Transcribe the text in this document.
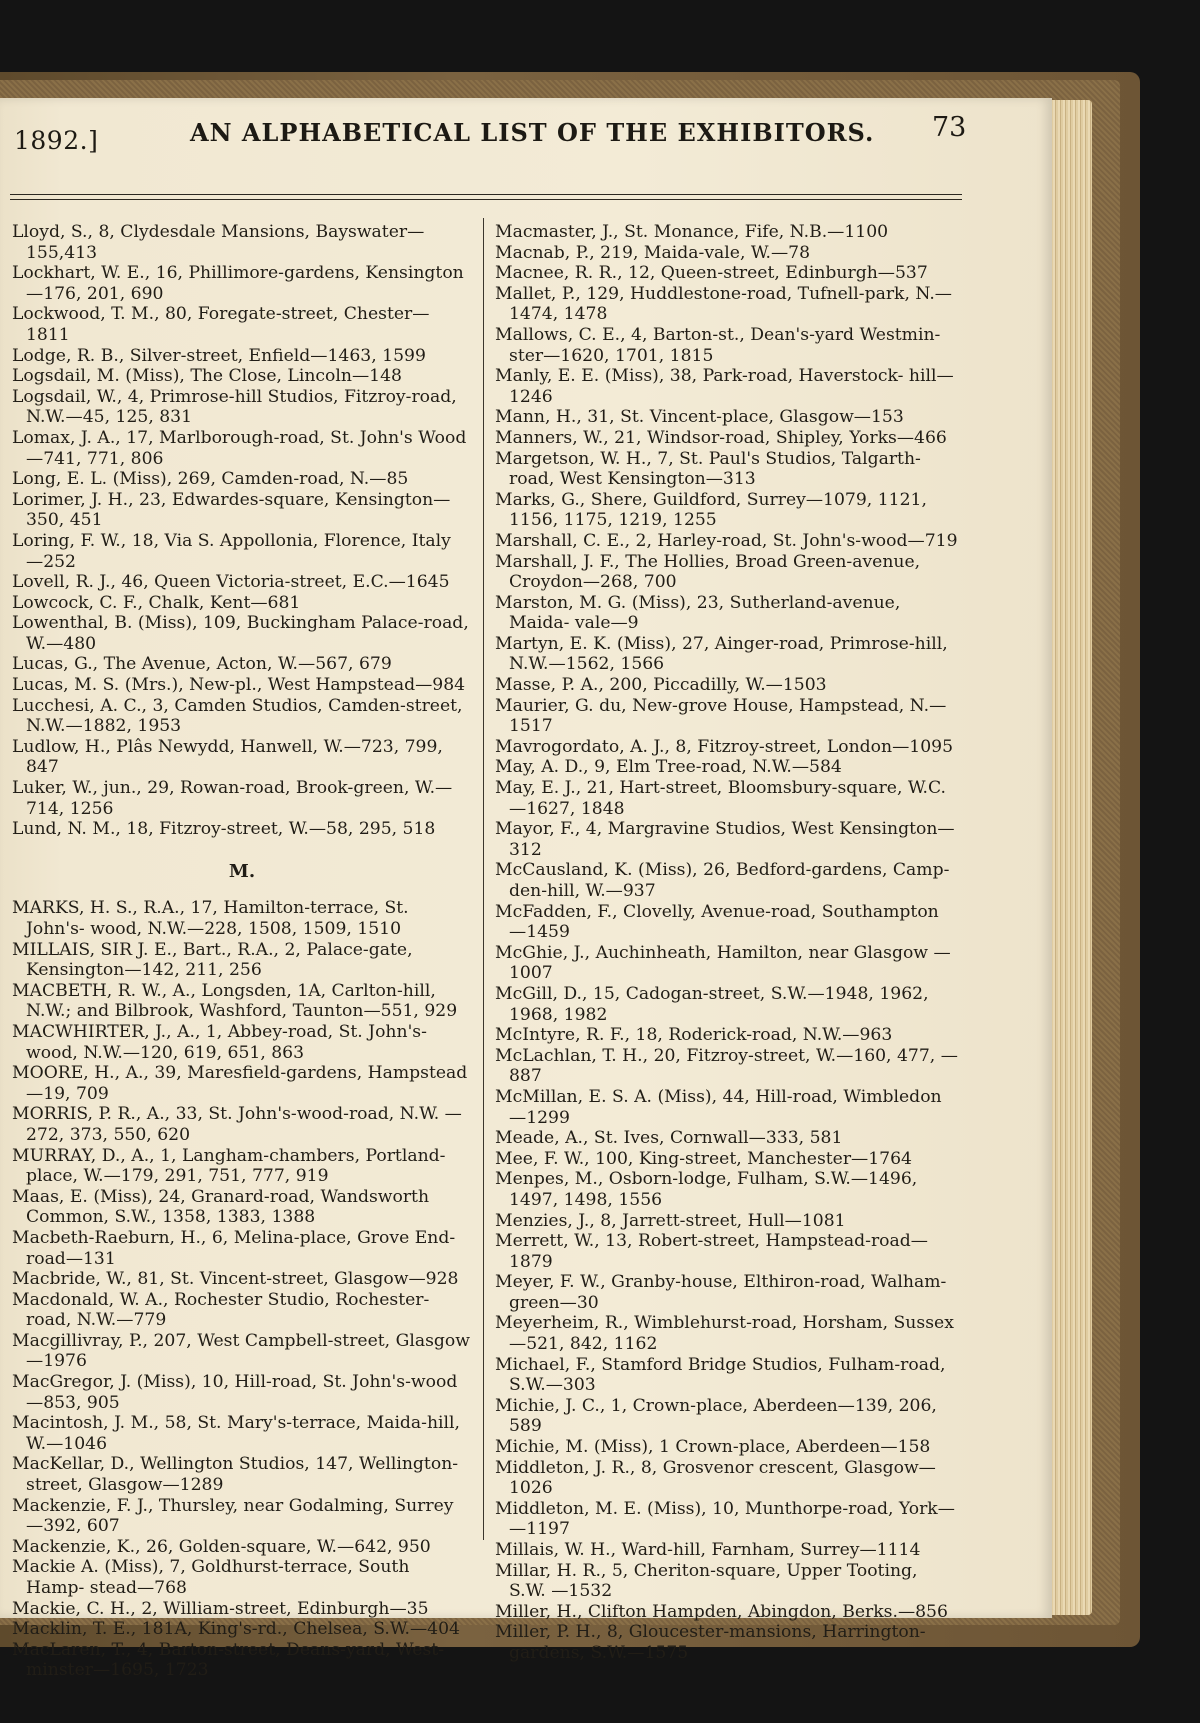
1892.]	AN ALPHABETICAL LIST OF THE EXHIBITORS. 73

Lloyd, S., 8, Clydesdale Mansions, Bayswater—155,413

Lockhart, W. E., 16, Phillimore-gardens, Kensington —176, 201, 690

Lockwood, T. M., 80, Foregate-street, Chester—1811

Lodge, R. B., Silver-street, Enfield—1463, 1599

Logsdail, M. (Miss), The Close, Lincoln—148

Logsdail, W., 4, Primrose-hill Studios, Fitzroy-road, N.W.—45, 125, 831

Lomax, J. A., 17, Marlborough-road, St. John's Wood —741, 771, 806

Long, E. L. (Miss), 269, Camden-road, N.—85

Lorimer, J. H., 23, Edwardes-square, Kensington— 350, 451

Loring, F. W., 18, Via S. Appollonia, Florence, Italy —252

Lovell, R. J., 46, Queen Victoria-street, E.C.—1645

Lowcock, C. F., Chalk, Kent—681

Lowenthal, B. (Miss), 109, Buckingham Palace-road, W.—480

Lucas, G., The Avenue, Acton, W.—567, 679

Lucas, M. S. (Mrs.), New-pl., West Hampstead—984

Lucchesi, A. C., 3, Camden Studios, Camden-street, N.W.—1882, 1953

Ludlow, H., Plâs Newydd, Hanwell, W.—723, 799, 847

Luker, W., jun., 29, Rowan-road, Brook-green, W.— 714, 1256

Lund, N. M., 18, Fitzroy-street, W.—58, 295, 518

M.

MARKS, H. S., R.A., 17, Hamilton-terrace, St. John's- wood, N.W.—228, 1508, 1509, 1510

MILLAIS, SIR J. E., Bart., R.A., 2, Palace-gate, Kensington—142, 211, 256

MACBETH, R. W., A., Longsden, 1A, Carlton-hill, N.W.; and Bilbrook, Washford, Taunton—551, 929

MACWHIRTER, J., A., 1, Abbey-road, St. John's- wood, N.W.—120, 619, 651, 863

MOORE, H., A., 39, Maresfield-gardens, Hampstead —19, 709

MORRIS, P. R., A., 33, St. John's-wood-road, N.W. —272, 373, 550, 620

MURRAY, D., A., 1, Langham-chambers, Portland- place, W.—179, 291, 751, 777, 919

Maas, E. (Miss), 24, Granard-road, Wandsworth Common, S.W., 1358, 1383, 1388

Macbeth-Raeburn, H., 6, Melina-place, Grove End- road—131

Macbride, W., 81, St. Vincent-street, Glasgow—928

Macdonald, W. A., Rochester Studio, Rochester-road, N.W.—779

Macgillivray, P., 207, West Campbell-street, Glasgow —1976

MacGregor, J. (Miss), 10, Hill-road, St. John's-wood —853, 905

Macintosh, J. M., 58, St. Mary's-terrace, Maida-hill, W.—1046

MacKellar, D., Wellington Studios, 147, Wellington- street, Glasgow—1289

Mackenzie, F. J., Thursley, near Godalming, Surrey —392, 607

Mackenzie, K., 26, Golden-square, W.—642, 950

Mackie A. (Miss), 7, Goldhurst-terrace, South Hamp- stead—768

Mackie, C. H., 2, William-street, Edinburgh—35

Macklin, T. E., 181A, King's-rd., Chelsea, S.W.—404

MacLaren, T., 4, Barton-street, Deans-yard, West- minster—1695, 1723

Macmaster, J., St. Monance, Fife, N.B.—1100

Macnab, P., 219, Maida-vale, W.—78

Macnee, R. R., 12, Queen-street, Edinburgh—537

Mallet, P., 129, Huddlestone-road, Tufnell-park, N.— 1474, 1478

Mallows, C. E., 4, Barton-st., Dean's-yard Westmin- ster—1620, 1701, 1815

Manly, E. E. (Miss), 38, Park-road, Haverstock- hill—1246

Mann, H., 31, St. Vincent-place, Glasgow—153

Manners, W., 21, Windsor-road, Shipley, Yorks—466

Margetson, W. H., 7, St. Paul's Studios, Talgarth- road, West Kensington—313

Marks, G., Shere, Guildford, Surrey—1079, 1121, 1156, 1175, 1219, 1255

Marshall, C. E., 2, Harley-road, St. John's-wood—719

Marshall, J. F., The Hollies, Broad Green-avenue, Croydon—268, 700

Marston, M. G. (Miss), 23, Sutherland-avenue, Maida- vale—9

Martyn, E. K. (Miss), 27, Ainger-road, Primrose-hill, N.W.—1562, 1566

Masse, P. A., 200, Piccadilly, W.—1503

Maurier, G. du, New-grove House, Hampstead, N.— 1517

Mavrogordato, A. J., 8, Fitzroy-street, London—1095

May, A. D., 9, Elm Tree-road, N.W.—584

May, E. J., 21, Hart-street, Bloomsbury-square, W.C. —1627, 1848

Mayor, F., 4, Margravine Studios, West Kensington— 312

McCausland, K. (Miss), 26, Bedford-gardens, Camp- den-hill, W.—937

McFadden, F., Clovelly, Avenue-road, Southampton —1459

McGhie, J., Auchinheath, Hamilton, near Glasgow —1007

McGill, D., 15, Cadogan-street, S.W.—1948, 1962, 1968, 1982

McIntyre, R. F., 18, Roderick-road, N.W.—963

McLachlan, T. H., 20, Fitzroy-street, W.—160, 477, —887

McMillan, E. S. A. (Miss), 44, Hill-road, Wimbledon —1299

Meade, A., St. Ives, Cornwall—333, 581

Mee, F. W., 100, King-street, Manchester—1764

Menpes, M., Osborn-lodge, Fulham, S.W.—1496, 1497, 1498, 1556

Menzies, J., 8, Jarrett-street, Hull—1081

Merrett, W., 13, Robert-street, Hampstead-road— 1879

Meyer, F. W., Granby-house, Elthiron-road, Walham- green—30

Meyerheim, R., Wimblehurst-road, Horsham, Sussex —521, 842, 1162

Michael, F., Stamford Bridge Studios, Fulham-road, S.W.—303

Michie, J. C., 1, Crown-place, Aberdeen—139, 206, 589

Michie, M. (Miss), 1 Crown-place, Aberdeen—158

Middleton, J. R., 8, Grosvenor crescent, Glasgow— 1026

Middleton, M. E. (Miss), 10, Munthorpe-road, York— —1197

Millais, W. H., Ward-hill, Farnham, Surrey—1114

Millar, H. R., 5, Cheriton-square, Upper Tooting, S.W. —1532

Miller, H., Clifton Hampden, Abingdon, Berks.—856

Miller, P. H., 8, Gloucester-mansions, Harrington- gardens, S.W.—1575
